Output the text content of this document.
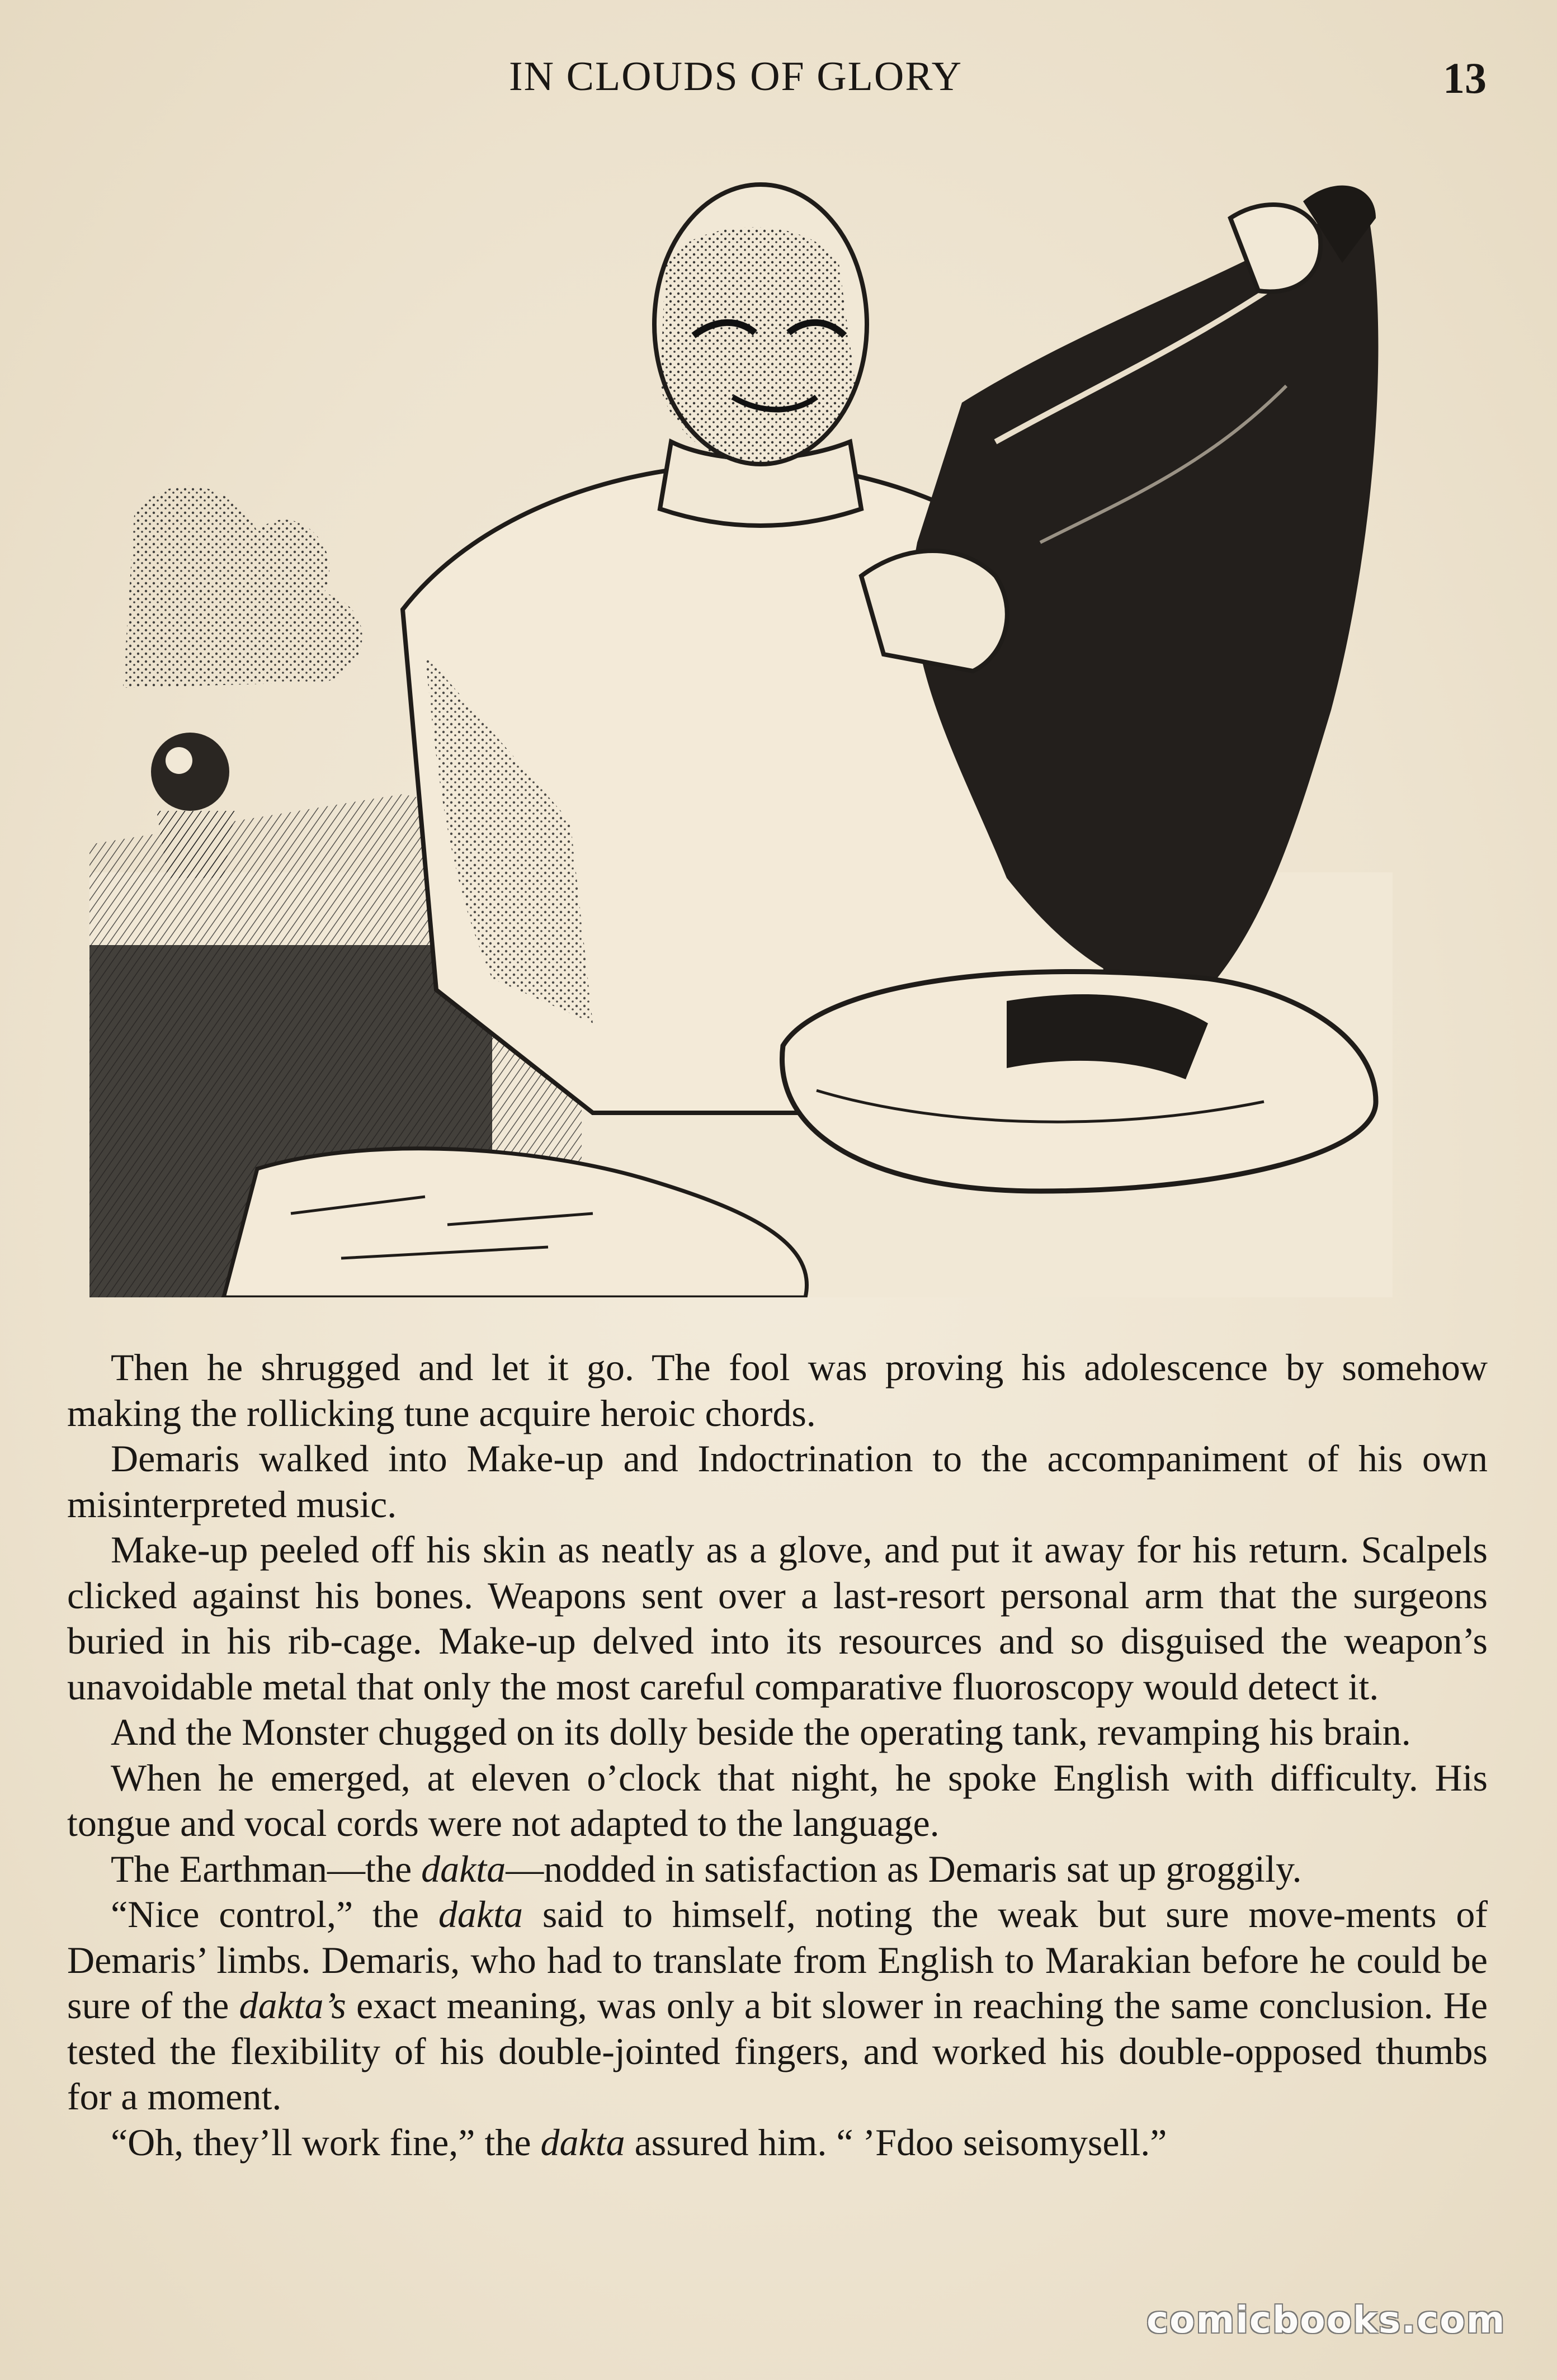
IN CLOUDS OF GLORY	13

Then he shrugged and let it go. The fool was proving his adolescence by somehow making the rollicking tune acquire heroic chords.

Demaris walked into Make-up and Indoctrination to the accompaniment of his own misinterpreted music.

Make-up peeled off his skin as neatly as a glove, and put it away for his return. Scalpels clicked against his bones. Weapons sent over a last-resort personal arm that the surgeons buried in his rib-cage. Make-up delved into its resources and so disguised the weapon’s unavoidable metal that only the most careful comparative fluoroscopy would detect it.

And the Monster chugged on its dolly beside the operating tank, revamping his brain.

When he emerged, at eleven o’clock that night, he spoke English with difficulty. His tongue and vocal cords were not adapted to the language.

The Earthman—the dakta—nodded in satisfaction as Demaris sat up groggily.

“Nice control,” the dakta said to himself, noting the weak but sure move-ments of Demaris’ limbs. Demaris, who had to translate from English to Marakian before he could be sure of the dakta’s exact meaning, was only a bit slower in reaching the same conclusion. He tested the flexibility of his double-jointed fingers, and worked his double-opposed thumbs for a moment.

“Oh, they’ll work fine,” the dakta assured him. “ ’Fdoo seisomysell.”

comicbooks.com
